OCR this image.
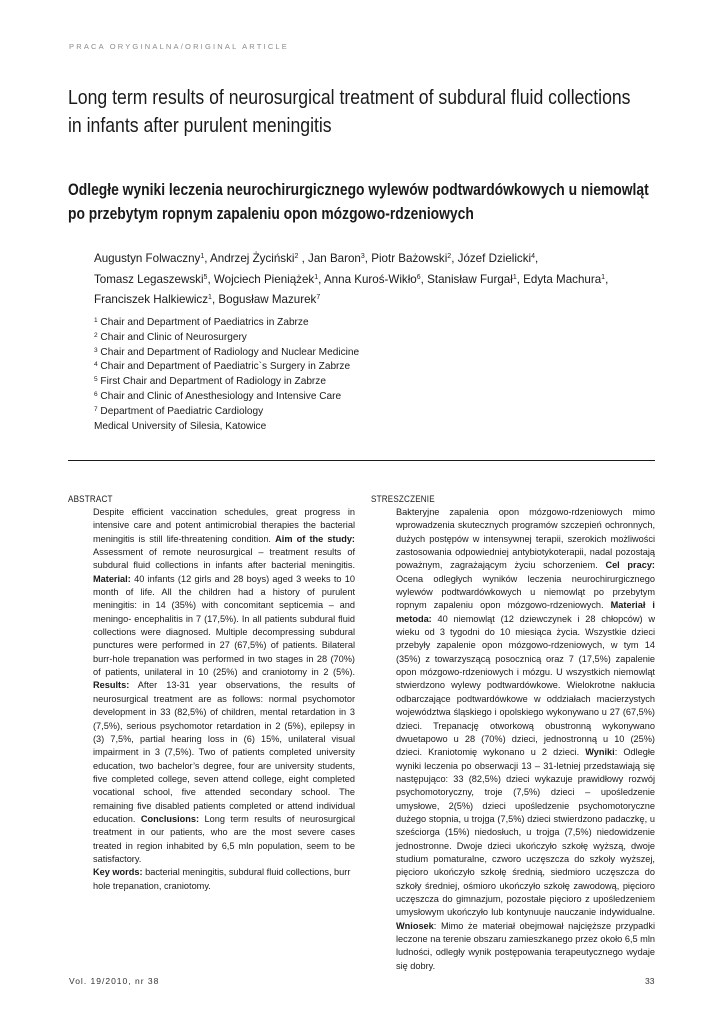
PRACA ORYGINALNA/ORIGINAL ARTICLE
Long term results of neurosurgical treatment of subdural fluid collections
in infants after purulent meningitis
Odległe wyniki leczenia neurochirurgicznego wylewów podtwardówkowych u niemowląt
po przebytym ropnym zapaleniu opon mózgowo-rdzeniowych
Augustyn Folwaczny$^1$, Andrzej Życiński$^2$ , Jan Baron$^3$, Piotr Bażowski$^2$, Józef Dzielicki$^4$,
Tomasz Legaszewski$^5$, Wojciech Pieniążek$^1$, Anna Kuroś-Wikło$^6$, Stanisław Furgał$^1$, Edyta Machura$^1$,
Franciszek Halkiewicz$^1$, Bogusław Mazurek$^7$
$^1$ Chair and Department of Paediatrics in Zabrze
$^2$ Chair and Clinic of Neurosurgery
$^3$ Chair and Department of Radiology and Nuclear Medicine
$^4$ Chair and Department of Paediatric`s Surgery in Zabrze
$^5$ First Chair and Department of Radiology in Zabrze
$^6$ Chair and Clinic of Anesthesiology and Intensive Care
$^7$ Department of Paediatric Cardiology
Medical University of Silesia, Katowice
ABSTRACT	STRESZCZENIE

Despite efficient vaccination schedules, great progress in intensive care and potent antimicrobial therapies the bacterial meningitis is still life-threatening condition. Aim of the study: Assessment of remote neurosurgical – treatment results of subdural fluid collections in infants after bacterial meningitis. Material: 40 infants (12 girls and 28 boys) aged 3 weeks to 10 month of life. All the children had a history of purulent meningitis: in 14 (35%) with concomitant septicemia – and meningo- encephalitis in 7 (17,5%). In all patients subdural fluid collections were diagnosed. Multiple decompressing subdural punctures were performed in 27 (67,5%) of patients. Bilateral burr-hole trepanation was performed in two stages in 28 (70%) of patients, unilateral in 10 (25%) and craniotomy in 2 (5%). Results: After 13-31 year observations, the results of neurosurgical treatment are as follows: normal psychomotor development in 33 (82,5%) of children, mental retardation in 3 (7,5%), serious psychomotor retardation in 2 (5%), epilepsy in (3) 7,5%, partial hearing loss in (6) 15%, unilateral visual impairment in 3 (7,5%). Two of patients completed university education, two bachelor’s degree, four are university students, five completed college, seven attend college, eight completed vocational school, five attended secondary school. The remaining five disabled patients completed or attend individual education. Conclusions: Long term results of neurosurgical treatment in our patients, who are the most severe cases treated in region inhabited by 6,5 mln population, seem to be satisfactory.

Key words: bacterial meningitis, subdural fluid collections, burr hole trepanation, craniotomy.

Bakteryjne zapalenia opon mózgowo-rdzeniowych mimo wprowadzenia skutecznych programów szczepień ochronnych, dużych postępów w intensywnej terapii, szerokich możliwości zastosowania odpowiedniej antybiotykoterapii, nadal pozostają poważnym, zagrażającym życiu schorzeniem. Cel pracy: Ocena odległych wyników leczenia neurochirurgicznego wylewów podtwardówkowych u niemowląt po przebytym ropnym zapaleniu opon mózgowo-rdzeniowych. Materiał i metoda: 40 niemowląt (12 dziewczynek i 28 chłopców) w wieku od 3 tygodni do 10 miesiąca życia. Wszystkie dzieci przebyły zapalenie opon mózgowo-rdzeniowych, w tym 14 (35%) z towarzyszącą posocznicą oraz 7 (17,5%) zapalenie opon mózgowo-rdzeniowych i mózgu. U wszystkich niemowląt stwierdzono wylewy podtwardówkowe. Wielokrotne nakłucia odbarczające podtwardówkowe w oddziałach macierzystych województwa śląskiego i opolskiego wykonywano u 27 (67,5%) dzieci. Trepanację otworkową obustronną wykonywano dwuetapowo u 28 (70%) dzieci, jednostronną u 10 (25%) dzieci. Kraniotomię wykonano u 2 dzieci. Wyniki: Odległe wyniki leczenia po obserwacji 13 – 31-letniej przedstawiają się następująco: 33 (82,5%) dzieci wykazuje prawidłowy rozwój psychomotoryczny, troje (7,5%) dzieci – upośledzenie umysłowe, 2(5%) dzieci upośledzenie psychomotoryczne dużego stopnia, u trojga (7,5%) dzieci stwierdzono padaczkę, u sześciorga (15%) niedosłuch, u trojga (7,5%) niedowidzenie jednostronne. Dwoje dzieci ukończyło szkołę wyższą, dwoje studium pomaturalne, czworo uczęszcza do szkoły wyższej, pięcioro ukończyło szkołę średnią, siedmioro uczęszcza do szkoły średniej, ośmioro ukończyło szkołę zawodową, pięcioro uczęszcza do gimnazjum, pozostałe pięcioro z upośledzeniem umysłowym ukończyło lub kontynuuje nauczanie indywidualne. Wniosek: Mimo że materiał obejmował najcięższe przypadki leczone na terenie obszaru zamieszkanego przez około 6,5 mln ludności, odległy wynik postępowania terapeutycznego wydaje się dobry.

Vol. 19/2010, nr 38	33
